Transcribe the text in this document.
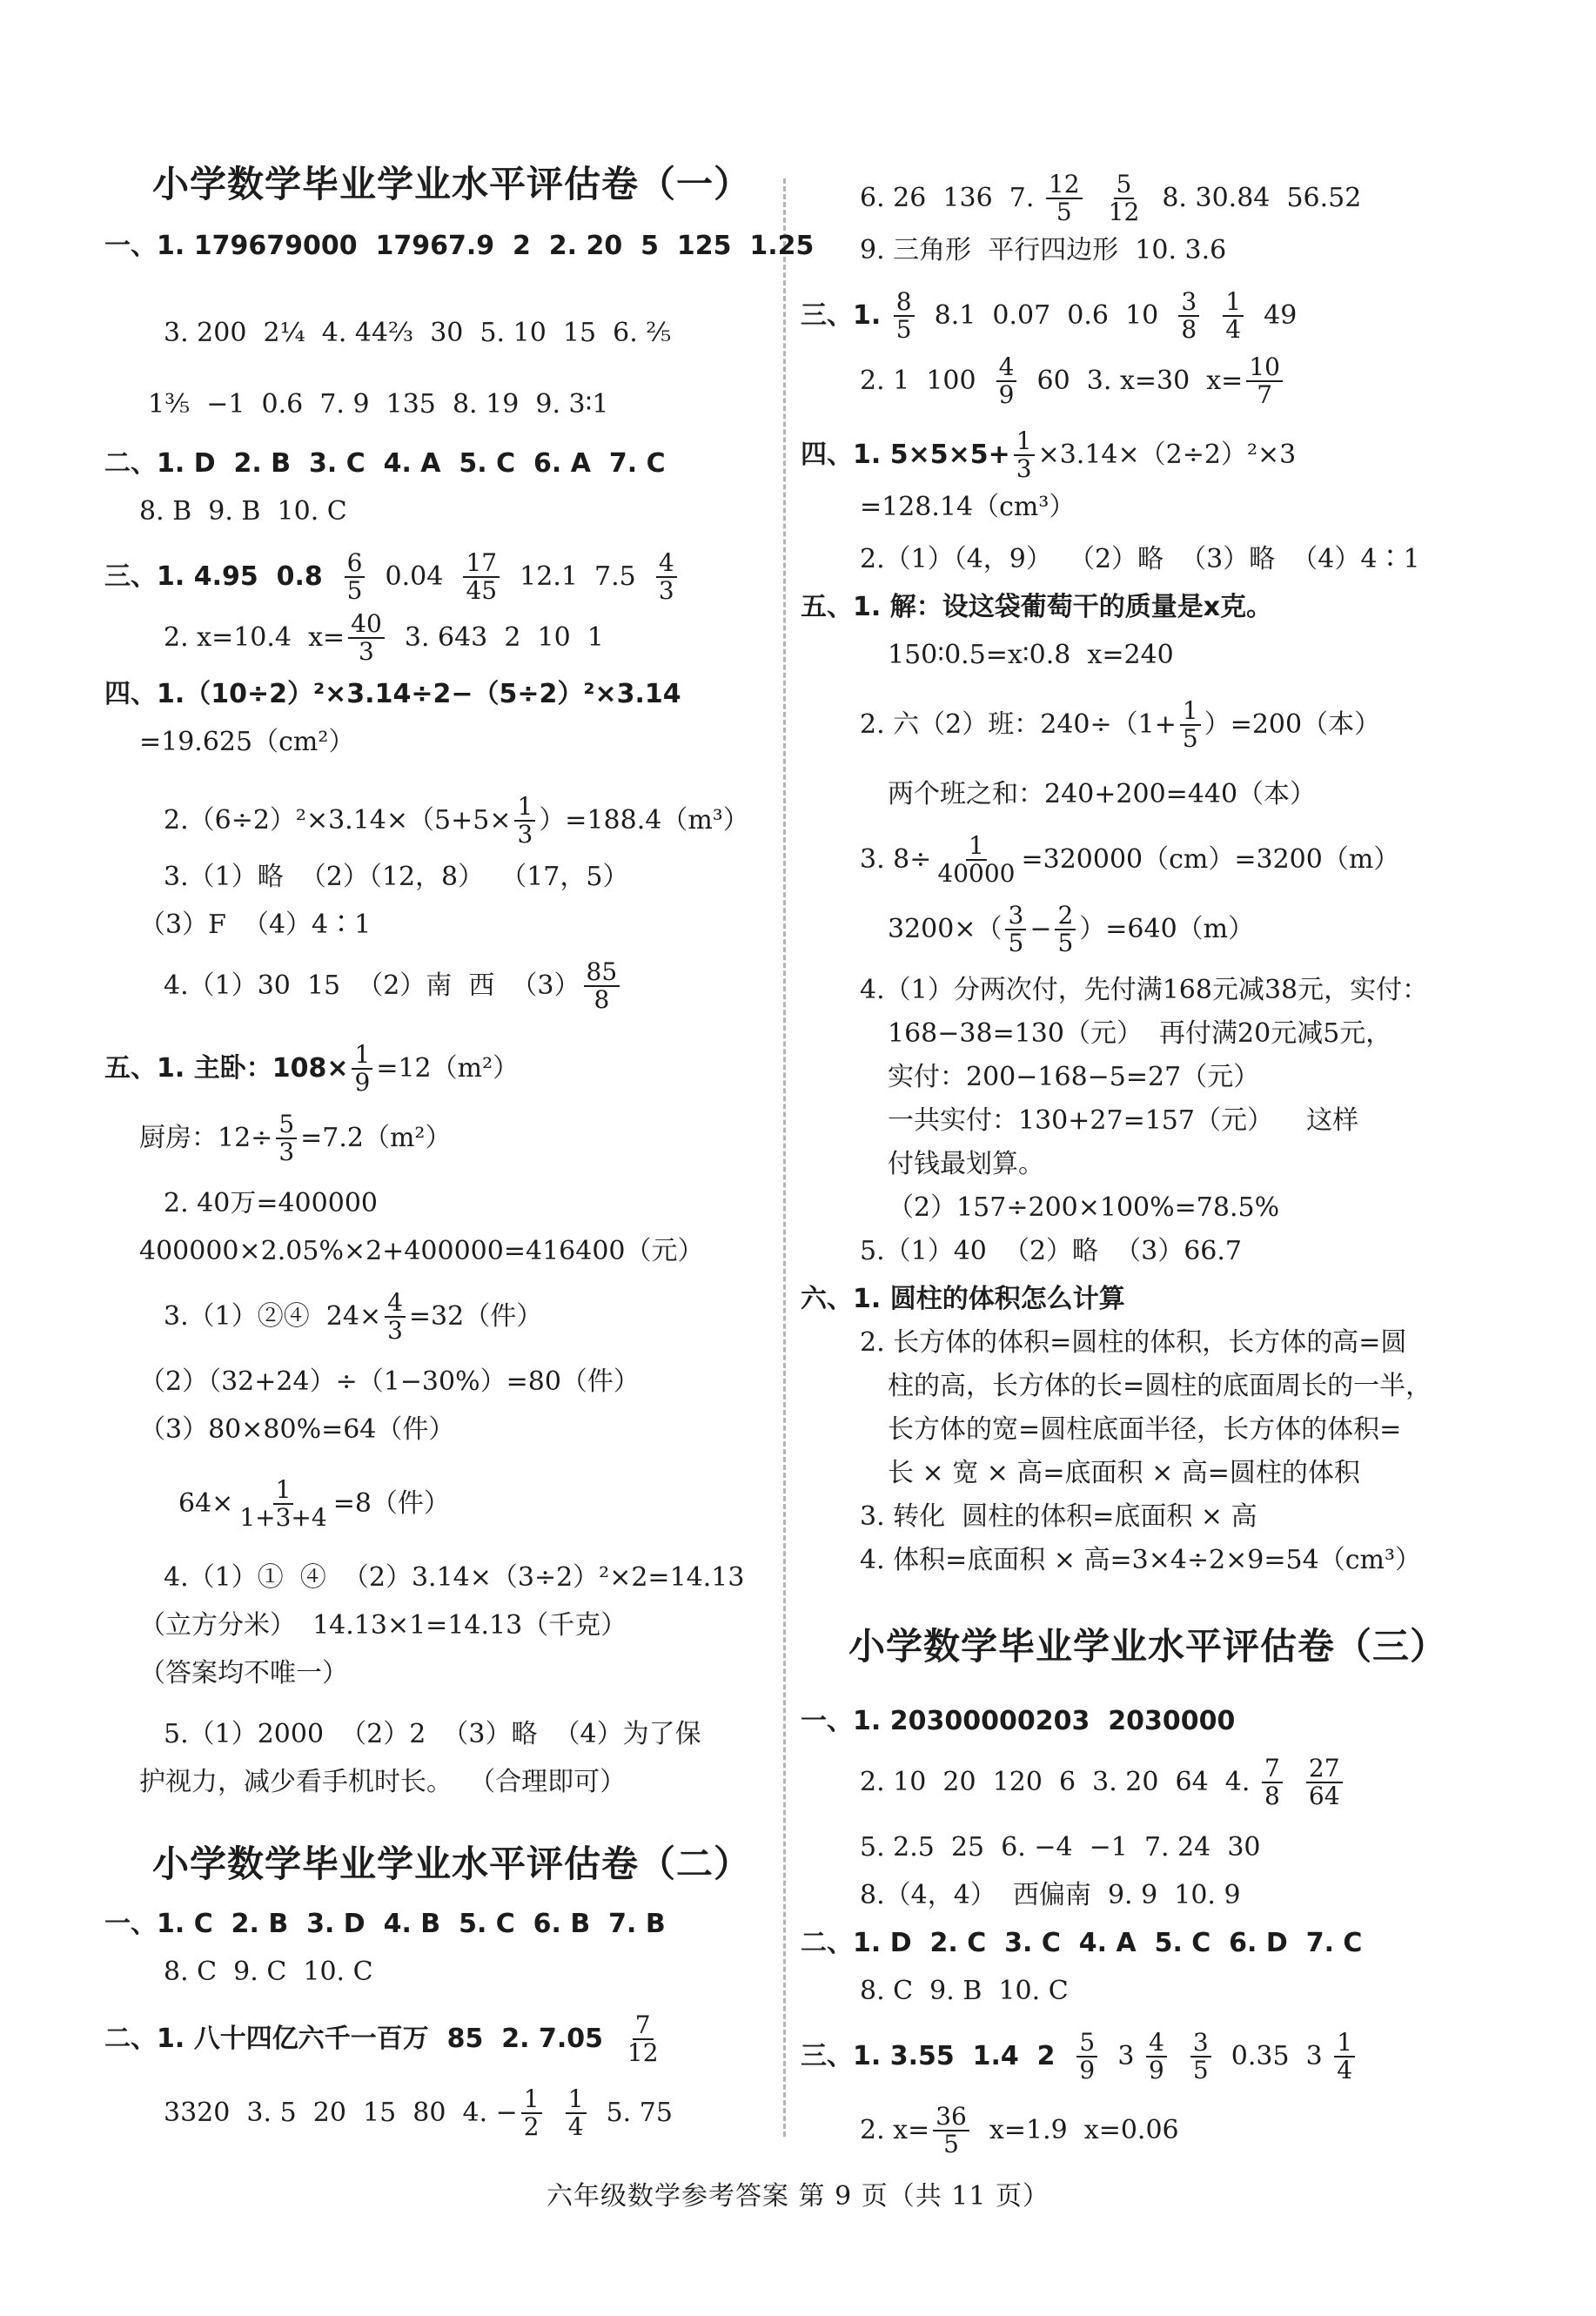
小学数学毕业学业水平评估卷（一）
一、1. 179679000  17967.9  2  2. 20  5  125  1.25
3. 200  2¼  4. 44⅔  30  5. 10  15  6. ⅖
1⅗  −1  0.6  7. 9  135  8. 19  9. 3∶1
二、1. D  2. B  3. C  4. A  5. C  6. A  7. C
8. B  9. B  10. C
三、1. 4.95  $0.8 \frac{6}{5} 0.04 \frac{17}{45} 12.1$  $7.5 \frac{4}{3}$
2. x=10.4  $x= \frac{40}{3} 3$. 643  2  10  1
四、1.（10÷2）²×3.14÷2−（5÷2）²×3.14
=19.625（cm²）
$2.(6\div 2)^2\times 3.14\times(5+5\times \frac{1}{3} )=188.4(m^3)$
3.（1）略  （2）（12，8）  （17，5）
（3）F  （4）4∶1
4.（1）30  15  （2）南  西  $(3) \frac{85}{8}$
五、1. 主卧：$108\times \frac{1}{9} =12(m^2)$
厨房：$12\div \frac{5}{3} =7.2(m^2)$
2. 40万=400000
400000×2.05%×2+400000=416400（元）
3.（1）②④  $24\times \frac{4}{3} =32$（件）
（2）（32+24）÷（1−30%）=80（件）
（3）80×80%=64（件）
$64\times \frac{1}{1+3+4} =8$（件）
4.（1）①  ④  （2）3.14×（3÷2）²×2=14.13
（立方分米）  14.13×1=14.13（千克）
（答案均不唯一）
5.（1）2000  （2）2  （3）略  （4）为了保
护视力，减少看手机时长。  （合理即可）
小学数学毕业学业水平评估卷（二）
一、1. C  2. B  3. D  4. B  5. C  6. B  7. B
8. C  9. C  10. C
二、1. 八十四亿六千一百万  85  2. $7.05 \frac{7}{12}$
3320  3. 5  20  15  80  4. − $\frac{1}{2}$
$\frac{1}{4} 5$. 75
6. 26  136  7. $\frac{12}{5}$
$\frac{5}{12} 8$. 30.84  56.52
9. 三角形  平行四边形  10. 3.6
三、1. $\frac{8}{5} 8.1$  0.07  0.6  $10 \frac{3}{8}$
$\frac{1}{4} 49$
2. 1  $100 \frac{4}{9} 60$  3. x=30  $x= \frac{10}{7}$
四、1. $5\times 5\times 5+ \frac{1}{3} \times 3.14\times(2\div 2)^2\times 3$
=128.14（cm³）
2.（1）（4，9）  （2）略  （3）略  （4）4∶1
五、1. 解：设这袋葡萄干的质量是x克。
150∶0.5=x∶0.8  x=240
2. 六（2）班：$240\div(1+ \frac{1}{5} )=200$（本）
两个班之和：240+200=440（本）
3. $8\div \frac{1}{40000} =320000(cm)=3200(m)$
$3200\times( \frac{3}{5} - \frac{2}{5} )=640(m)$
4.（1）分两次付，先付满168元减38元，实付：
168−38=130（元）  再付满20元减5元，
实付：200−168−5=27（元）
一共实付：130+27=157（元）    这样
付钱最划算。
（2）157÷200×100%=78.5%
5.（1）40  （2）略  （3）66.7
六、1. 圆柱的体积怎么计算
2. 长方体的体积=圆柱的体积，长方体的高=圆
柱的高，长方体的长=圆柱的底面周长的一半，
长方体的宽=圆柱底面半径，长方体的体积=
长 × 宽 × 高=底面积 × 高=圆柱的体积
3. 转化  圆柱的体积=底面积 × 高
4. 体积=底面积 × 高=3×4÷2×9=54（cm³）
小学数学毕业学业水平评估卷（三）
一、1. 20300000203  2030000
2. 10  20  120  6  3. 20  64  4. $\frac{7}{8}$
$\frac{27}{64}$
5. 2.5  25  6. −4  −1  7. 24  30
8.（4，4）  西偏南  9. 9  10. 9
二、1. D  2. C  3. C  4. A  5. C  6. D  7. C
8. C  9. B  10. C
三、1. 3.55  1.4  $2 \frac{5}{9} 3 \frac{4}{9}$
$\frac{3}{5} 0.35$  $3 \frac{1}{4}$
2. $x= \frac{36}{5} x=1.9$  x=0.06
六年级数学参考答案 第 9 页（共 11 页）
